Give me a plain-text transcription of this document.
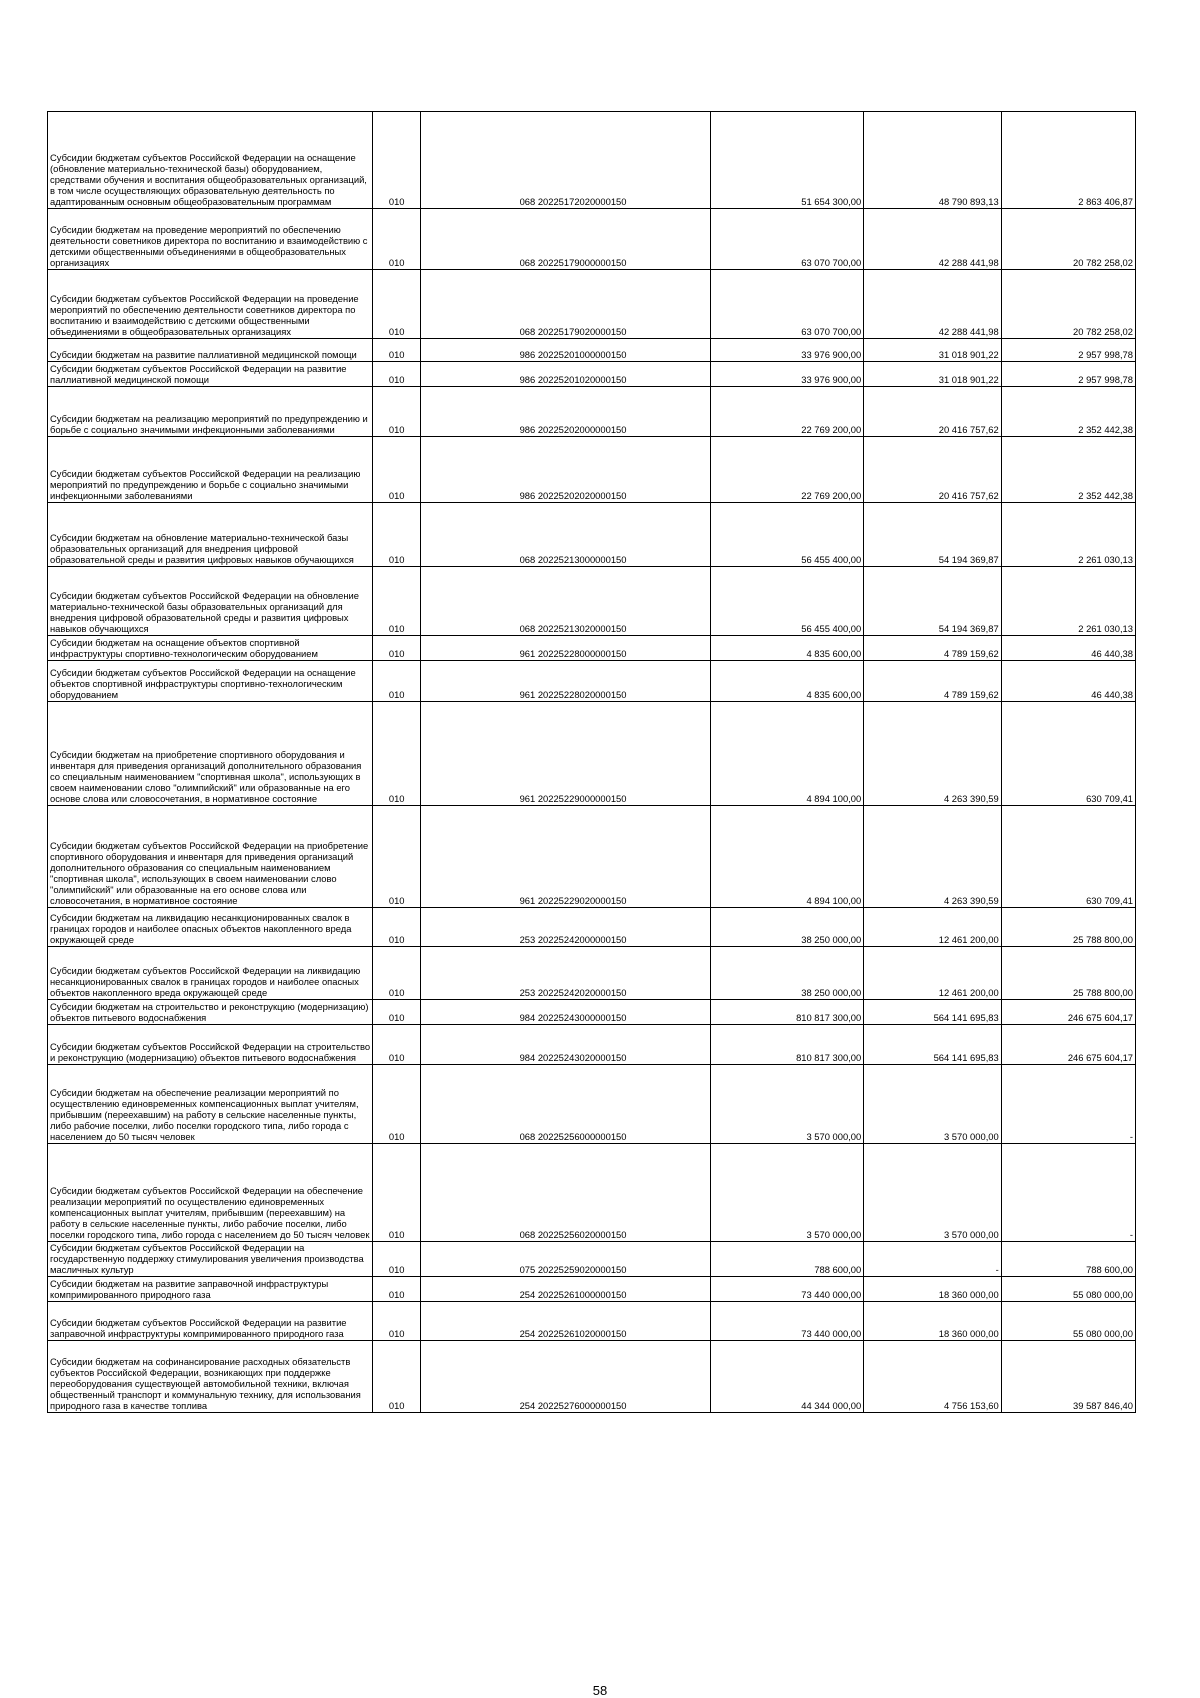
Субсидии бюджетам субъектов Российской Федерации на оснащение (обновление материально-технической базы) оборудованием, средствами обучения и воспитания общеобразовательных организаций, в том числе осуществляющих образовательную деятельность по адаптированным основным общеобразовательным программам	010	068 20225172020000150	51 654 300,00	48 790 893,13	2 863 406,87
Субсидии бюджетам на проведение мероприятий по обеспечению деятельности советников директора по воспитанию и взаимодействию с детскими общественными объединениями в общеобразовательных организациях	010	068 20225179000000150	63 070 700,00	42 288 441,98	20 782 258,02
Субсидии бюджетам субъектов Российской Федерации на проведение мероприятий по обеспечению деятельности советников директора по воспитанию и взаимодействию с детскими общественными объединениями в общеобразовательных организациях	010	068 20225179020000150	63 070 700,00	42 288 441,98	20 782 258,02
Субсидии бюджетам на развитие паллиативной медицинской помощи	010	986 20225201000000150	33 976 900,00	31 018 901,22	2 957 998,78
Субсидии бюджетам субъектов Российской Федерации на развитие паллиативной медицинской помощи	010	986 20225201020000150	33 976 900,00	31 018 901,22	2 957 998,78
Субсидии бюджетам на реализацию мероприятий по предупреждению и борьбе с социально значимыми инфекционными заболеваниями	010	986 20225202000000150	22 769 200,00	20 416 757,62	2 352 442,38
Субсидии бюджетам субъектов Российской Федерации на реализацию мероприятий по предупреждению и борьбе с социально значимыми инфекционными заболеваниями	010	986 20225202020000150	22 769 200,00	20 416 757,62	2 352 442,38
Субсидии бюджетам на обновление материально-технической базы образовательных организаций для внедрения цифровой образовательной среды и развития цифровых навыков обучающихся	010	068 20225213000000150	56 455 400,00	54 194 369,87	2 261 030,13
Субсидии бюджетам субъектов Российской Федерации на обновление материально-технической базы образовательных организаций для внедрения цифровой образовательной среды и развития цифровых навыков обучающихся	010	068 20225213020000150	56 455 400,00	54 194 369,87	2 261 030,13
Субсидии бюджетам на оснащение объектов спортивной инфраструктуры спортивно-технологическим оборудованием	010	961 20225228000000150	4 835 600,00	4 789 159,62	46 440,38
Субсидии бюджетам субъектов Российской Федерации на оснащение объектов спортивной инфраструктуры спортивно-технологическим оборудованием	010	961 20225228020000150	4 835 600,00	4 789 159,62	46 440,38
Субсидии бюджетам на приобретение спортивного оборудования и инвентаря для приведения организаций дополнительного образования со специальным наименованием "спортивная школа", использующих в своем наименовании слово "олимпийский" или образованные на его основе слова или словосочетания, в нормативное состояние	010	961 20225229000000150	4 894 100,00	4 263 390,59	630 709,41
Субсидии бюджетам субъектов Российской Федерации на приобретение спортивного оборудования и инвентаря для приведения организаций дополнительного образования со специальным наименованием "спортивная школа", использующих в своем наименовании слово "олимпийский" или образованные на его основе слова или словосочетания, в нормативное состояние	010	961 20225229020000150	4 894 100,00	4 263 390,59	630 709,41
Субсидии бюджетам на ликвидацию несанкционированных свалок в границах городов и наиболее опасных объектов накопленного вреда окружающей среде	010	253 20225242000000150	38 250 000,00	12 461 200,00	25 788 800,00
Субсидии бюджетам субъектов Российской Федерации на ликвидацию несанкционированных свалок в границах городов и наиболее опасных объектов накопленного вреда окружающей среде	010	253 20225242020000150	38 250 000,00	12 461 200,00	25 788 800,00
Субсидии бюджетам на строительство и реконструкцию (модернизацию) объектов питьевого водоснабжения	010	984 20225243000000150	810 817 300,00	564 141 695,83	246 675 604,17
Субсидии бюджетам субъектов Российской Федерации на строительство и реконструкцию (модернизацию) объектов питьевого водоснабжения	010	984 20225243020000150	810 817 300,00	564 141 695,83	246 675 604,17
Субсидии бюджетам на обеспечение реализации мероприятий по осуществлению единовременных компенсационных выплат учителям, прибывшим (переехавшим) на работу в сельские населенные пункты, либо рабочие поселки, либо поселки городского типа, либо города с населением до 50 тысяч человек	010	068 20225256000000150	3 570 000,00	3 570 000,00	-
Субсидии бюджетам субъектов Российской Федерации на обеспечение реализации мероприятий по осуществлению единовременных компенсационных выплат учителям, прибывшим (переехавшим) на работу в сельские населенные пункты, либо рабочие поселки, либо поселки городского типа, либо города с населением до 50 тысяч человек	010	068 20225256020000150	3 570 000,00	3 570 000,00	-
Субсидии бюджетам субъектов Российской Федерации на государственную поддержку стимулирования увеличения производства масличных культур	010	075 20225259020000150	788 600,00	-	788 600,00
Субсидии бюджетам на развитие заправочной инфраструктуры компримированного природного газа	010	254 20225261000000150	73 440 000,00	18 360 000,00	55 080 000,00
Субсидии бюджетам субъектов Российской Федерации на развитие заправочной инфраструктуры компримированного природного газа	010	254 20225261020000150	73 440 000,00	18 360 000,00	55 080 000,00
Субсидии бюджетам на софинансирование расходных обязательств субъектов Российской Федерации, возникающих при поддержке переоборудования существующей автомобильной техники, включая общественный транспорт и коммунальную технику, для использования природного газа в качестве топлива	010	254 20225276000000150	44 344 000,00	4 756 153,60	39 587 846,40
58
